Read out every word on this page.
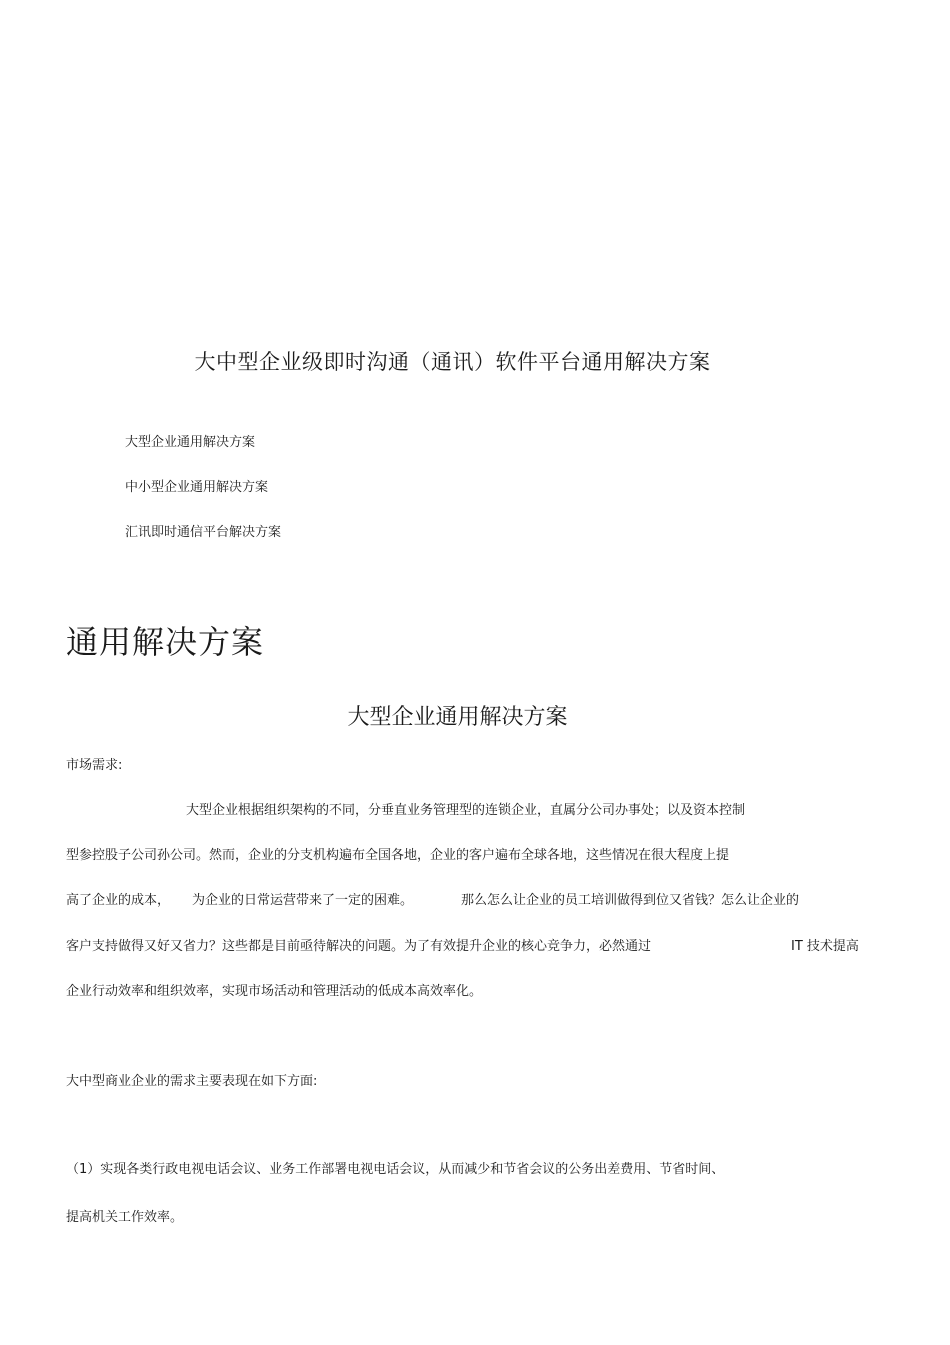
大中型企业级即时沟通（通讯）软件平台通用解决方案
大型企业通用解决方案
中小型企业通用解决方案
汇讯即时通信平台解决方案
通用解决方案
大型企业通用解决方案
市场需求:
大型企业根据组织架构的不同，分垂直业务管理型的连锁企业，直属分公司办事处；以及资本控制
型参控股子公司孙公司。然而，企业的分支机构遍布全国各地，企业的客户遍布全球各地，这些情况在很大程度上提
高了企业的成本， 为企业的日常运营带来了一定的困难。	那么怎么让企业的员工培训做得到位又省钱？怎么让企业的
客户支持做得又好又省力？这些都是目前亟待解决的问题。为了有效提升企业的核心竞争力，必然通过	IT 技术提高
企业行动效率和组织效率，实现市场活动和管理活动的低成本高效率化。
大中型商业企业的需求主要表现在如下方面:
（1）实现各类行政电视电话会议、业务工作部署电视电话会议，从而减少和节省会议的公务出差费用、节省时间、
提高机关工作效率。
